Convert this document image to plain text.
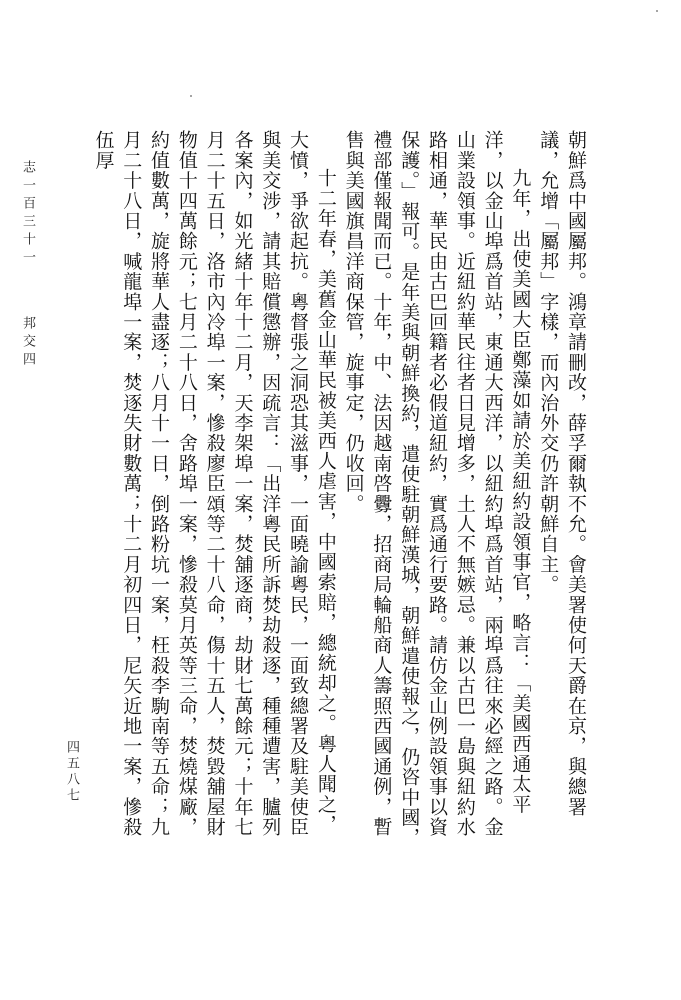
朝鮮爲中國屬邦。鴻章請刪改，薛孚爾執不允。會美署使何天爵在京，與總署議，允增「屬邦」字樣，而內治外交仍許朝鮮自主。

九年，出使美國大臣鄭藻如請於美紐約設領事官，略言：「美國西通太平洋，以金山埠爲首站，東通大西洋，以紐約埠爲首站，兩埠爲往來必經之路。金山業設領事。近紐約華民往者日見增多，土人不無嫉忌。兼以古巴一島與紐約水路相通，華民由古巴回籍者必假道紐約，實爲通行要路。請仿金山例設領事以資保護。」報可。是年美與朝鮮換約，遣使駐朝鮮漢城，朝鮮遣使報之，仍咨中國，禮部僅報聞而已。十年，中、法因越南啓釁，招商局輪船商人籌照西國通例，暫售與美國旗昌洋商保管，旋事定，仍收回。

十二年春，美舊金山華民被美西人虐害，中國索賠，總統却之。粵人聞之，大憤，爭欲起抗。粵督張之洞恐其滋事，一面曉諭粵民，一面致總署及駐美使臣與美交涉，請其賠償懲辦，因疏言：「出洋粵民所訴焚劫殺逐，種種遭害，臚列各案內，如光緒十年十二月，天李架埠一案，焚舖逐商，劫財七萬餘元；十年七月二十五日，洛市內冷埠一案，慘殺廖臣頌等二十八命，傷十五人，焚毀舖屋財物值十四萬餘元；七月二十八日，舍路埠一案，慘殺莫月英等三命，焚燒煤廠，約值數萬，旋將華人盡逐；八月十一日，倒路粉坑一案，枉殺李駒南等五命；九月二十八日，喊龍埠一案，焚逐失財數萬；十二月初四日，尼矢近地一案，慘殺伍厚

志一百三十一 邦交四
四五八七
